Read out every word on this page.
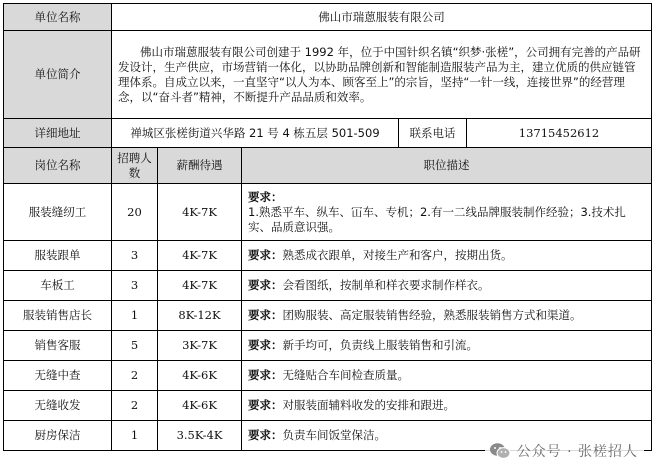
单位名称	佛山市瑞蒽服装有限公司				
单位简介	佛山市瑞蒽服装有限公司创建于 1992 年，位于中国针织名镇“织梦·张槎”，公司拥有完善的产品研发设计，生产供应，市场营销一体化，以协助品牌创新和智能制造服装产品为主，建立优质的供应链管理体系。自成立以来，一直坚守“以人为本、顾客至上”的宗旨，坚持“一针一线，连接世界”的经营理念，以“奋斗者”精神，不断提升产品品质和效率。				
详细地址	禅城区张槎街道兴华路 21 号 4 栋五层 501-509			联系电话	13715452612
岗位名称	招聘人数	薪酬待遇	职位描述		
服装缝纫工	20	4K-7K	要求：
1.熟悉平车、纵车、冚车、专机；2.有一二线品牌服装制作经验；3.技术扎实、品质意识强。		
服装跟单	3	4K-7K	要求：熟悉成衣跟单，对接生产和客户，按期出货。		
车板工	3	4K-7K	要求：会看图纸，按制单和样衣要求制作样衣。		
服装销售店长	1	8K-12K	要求：团购服装、高定服装销售经验，熟悉服装销售方式和渠道。		
销售客服	5	3K-7K	要求：新手均可，负责线上服装销售和引流。		
无缝中查	2	4K-6K	要求：无缝贴合车间检查质量。		
无缝收发	2	4K-6K	要求：对服装面辅料收发的安排和跟进。		
厨房保洁	1	3.5K-4K	要求：负责车间饭堂保洁。		
公众号 · 张槎招人
